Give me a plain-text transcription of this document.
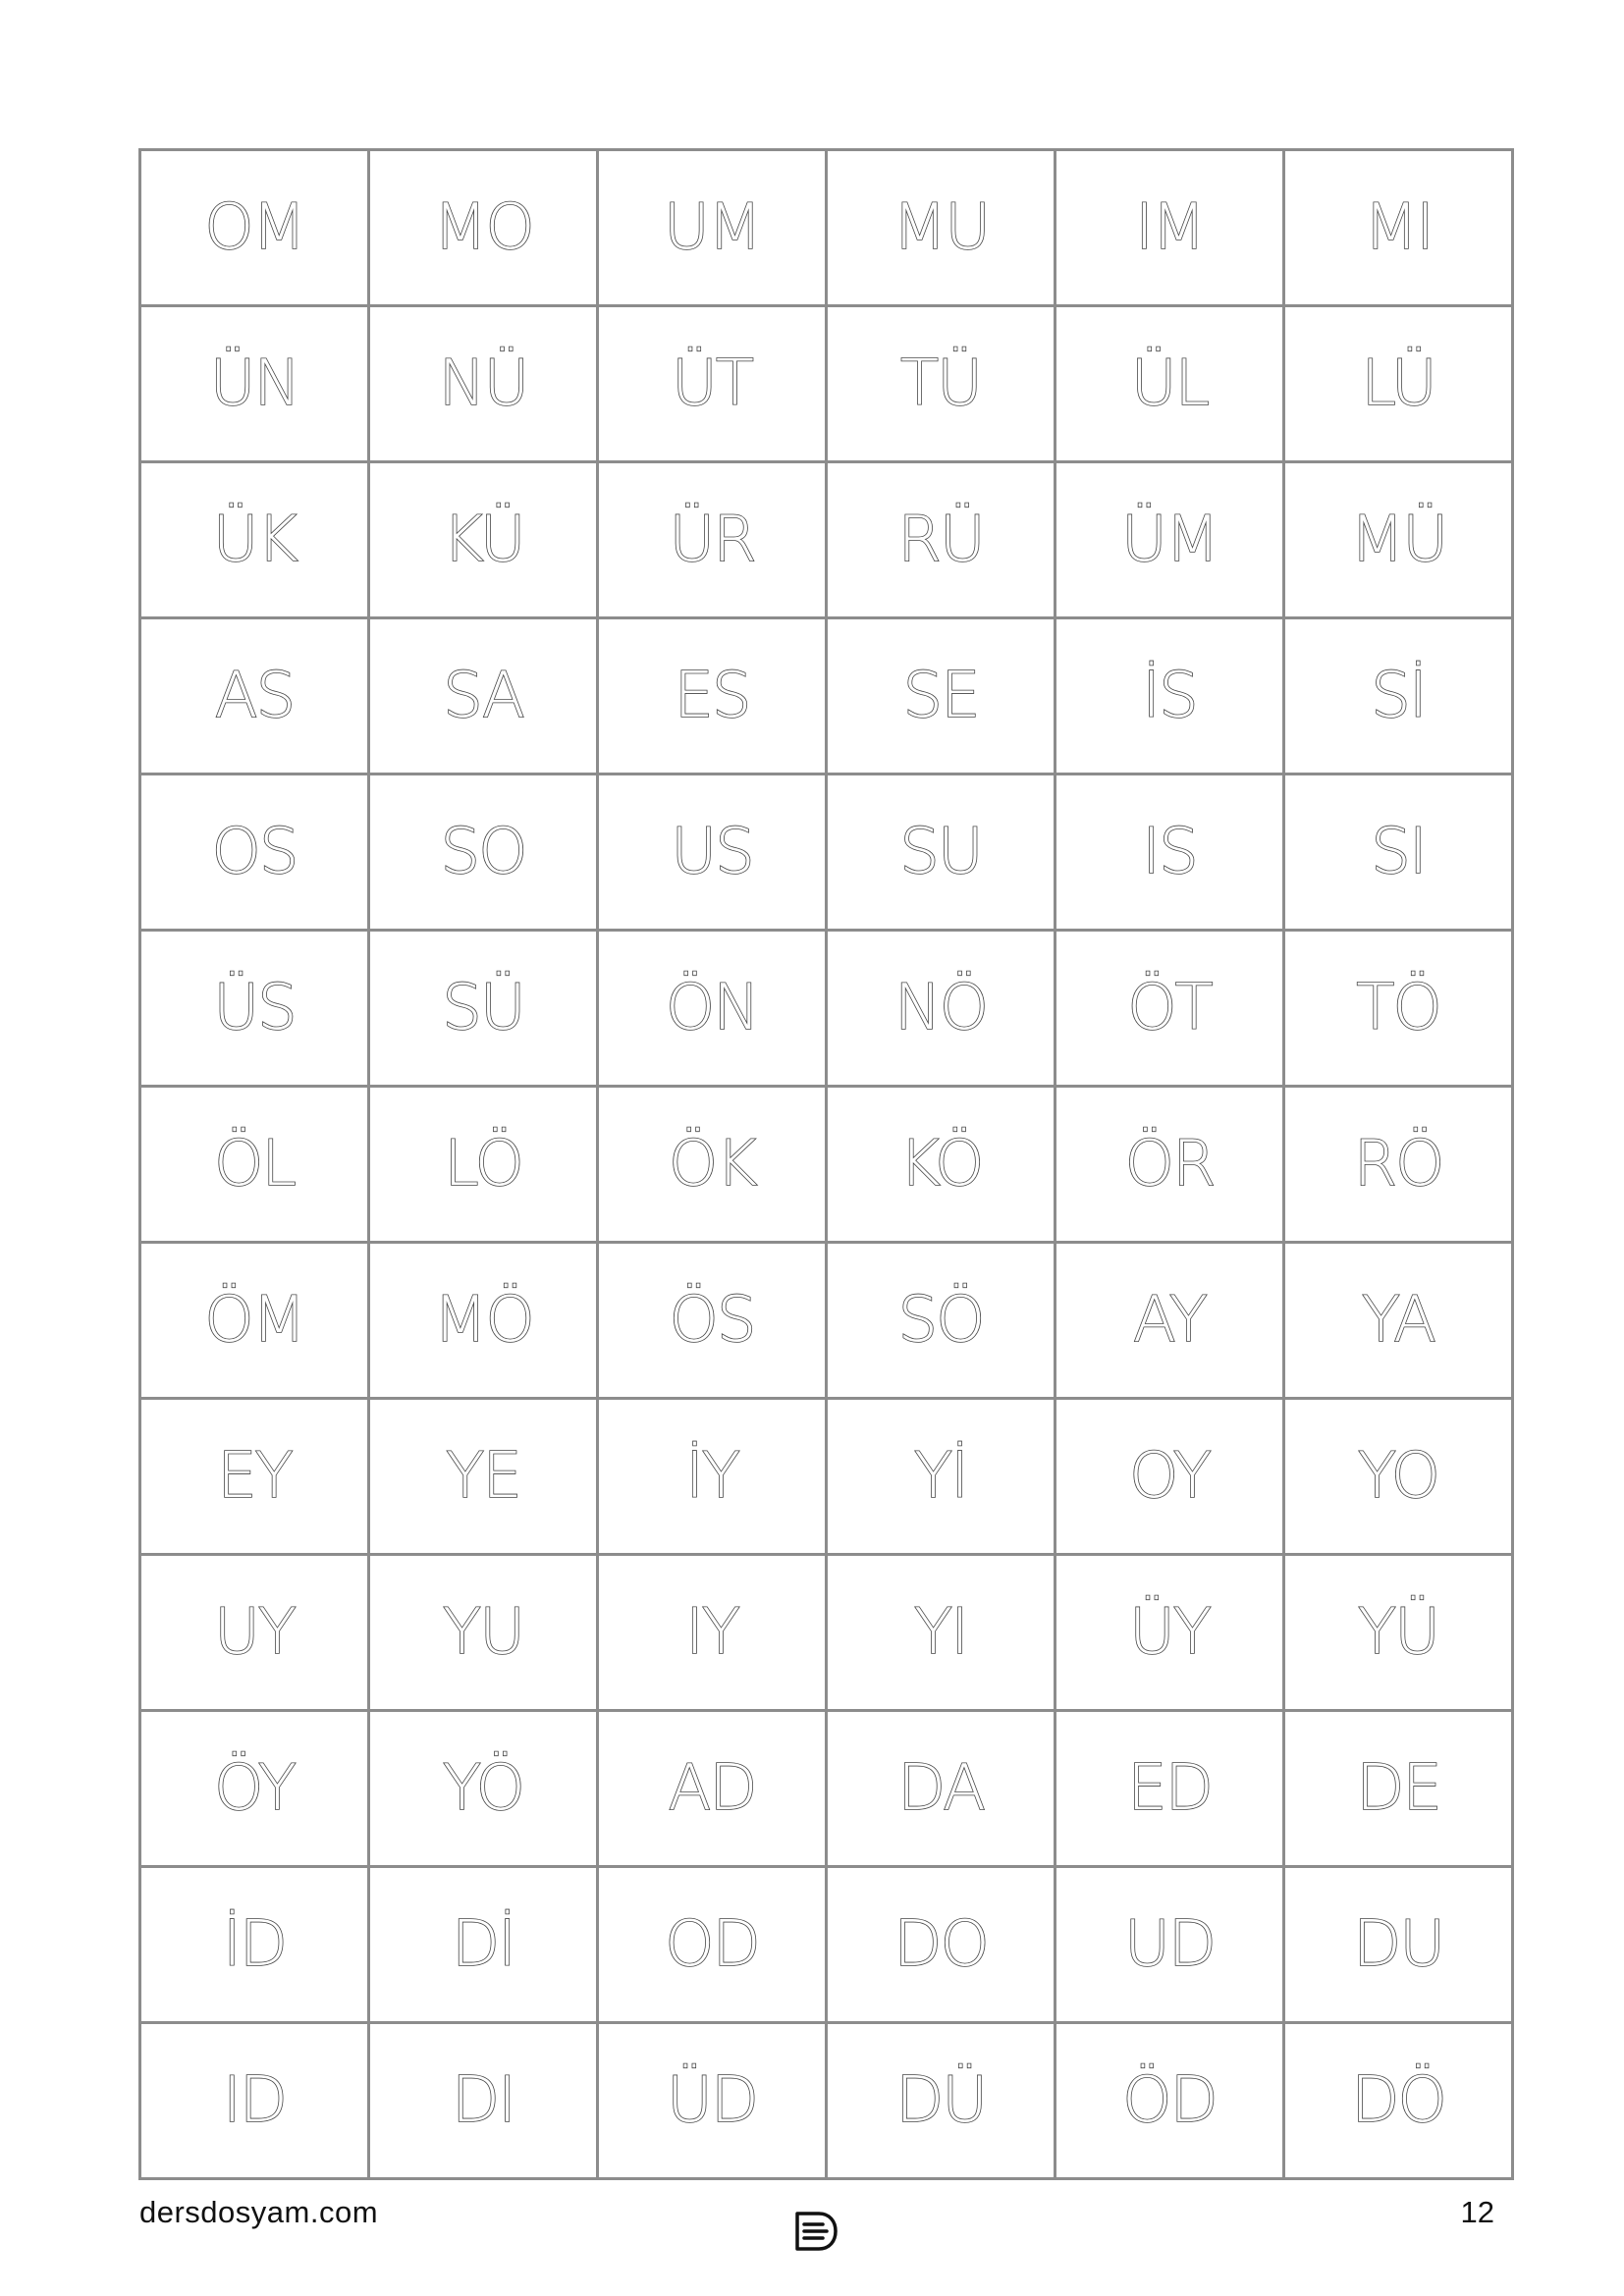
OM	MO	UM	MU	IM	MI
ÜN	NÜ	ÜT	TÜ	ÜL	LÜ
ÜK	KÜ	ÜR	RÜ	ÜM	MÜ
AS	SA	ES	SE	İS	Sİ
OS	SO	US	SU	IS	SI
ÜS	SÜ	ÖN	NÖ	ÖT	TÖ
ÖL	LÖ	ÖK	KÖ	ÖR	RÖ
ÖM	MÖ	ÖS	SÖ	AY	YA
EY	YE	İY	Yİ	OY	YO
UY	YU	IY	YI	ÜY	YÜ
ÖY	YÖ	AD	DA	ED	DE
İD	Dİ	OD	DO	UD	DU
ID	DI	ÜD	DÜ	ÖD	DÖ
dersdosyam.com	12
